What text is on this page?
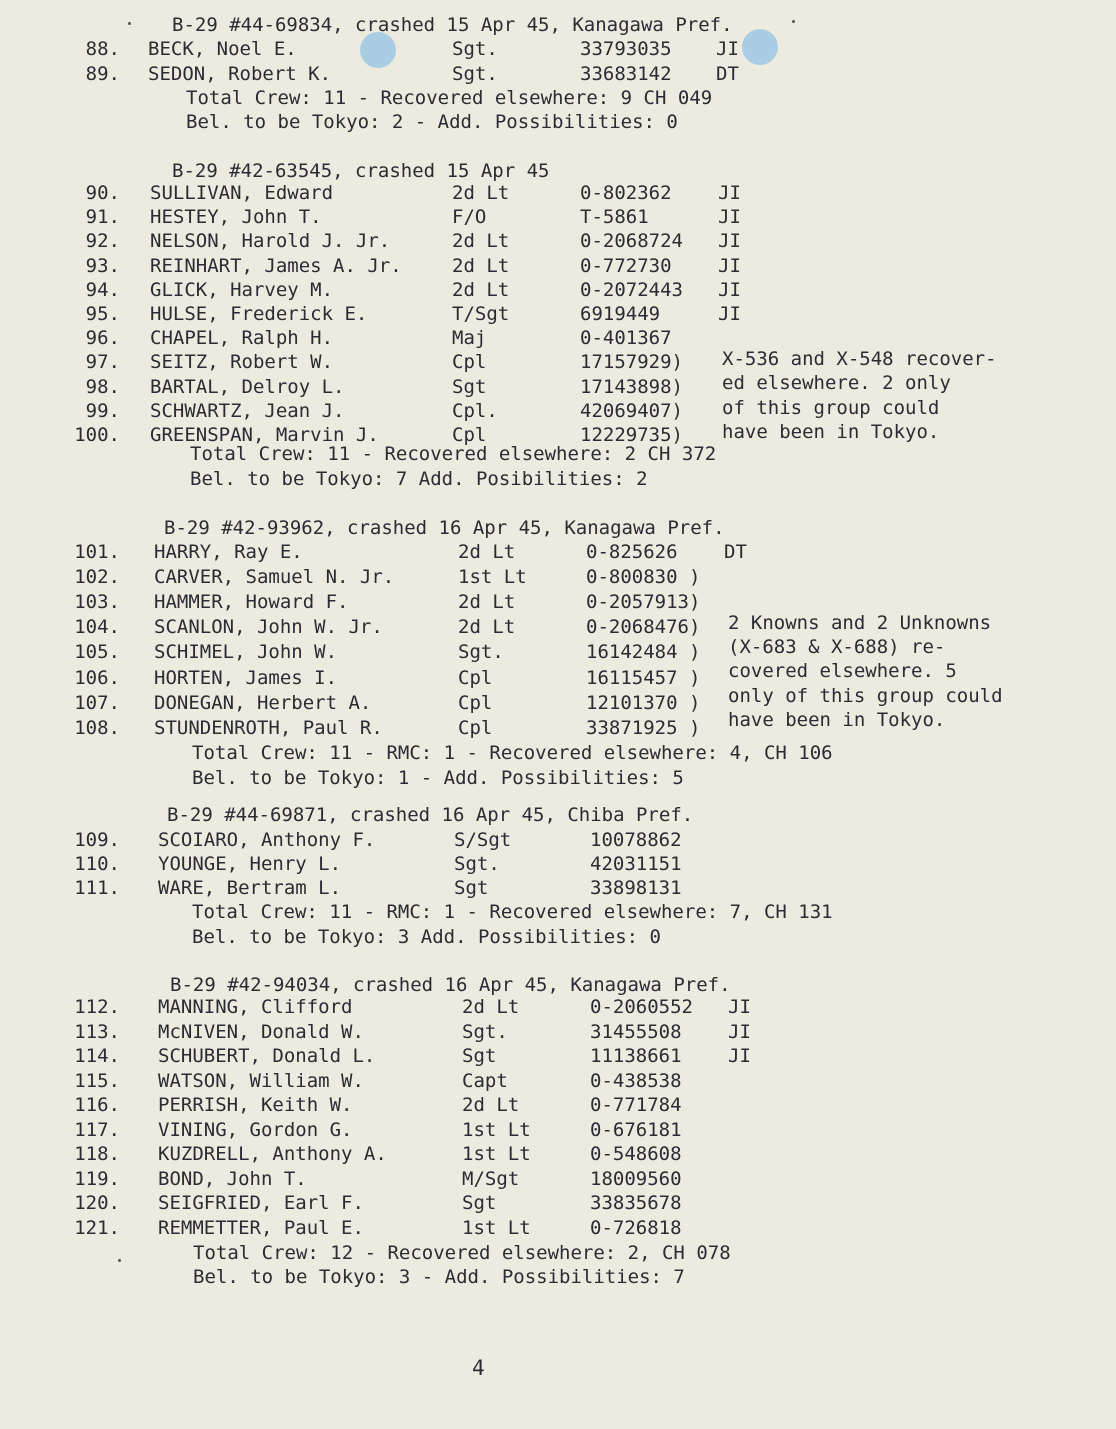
B-29 #44-69834, crashed 15 Apr 45, Kanagawa Pref.
88. BECK, Noel E.	Sgt.	33793035 JI
89. SEDON, Robert K.	Sgt.	33683142 DT
Total Crew: 11 - Recovered elsewhere: 9 CH 049
Bel. to be Tokyo: 2 - Add. Possibilities: 0
B-29 #42-63545, crashed 15 Apr 45
90. SULLIVAN, Edward	2d Lt	0-802362 JI
91. HESTEY, John T.	F/O	T-5861	JI
92. NELSON, Harold J. Jr.	2d Lt	0-2068724 JI
93. REINHART, James A. Jr.	2d Lt	0-772730 JI
94. GLICK, Harvey M.	2d Lt	0-2072443 JI
95. HULSE, Frederick E.	T/Sgt	6919449	JI
96. CHAPEL, Ralph H.	Maj	0-401367
97. SEITZ, Robert W.	Cpl	17157929)
98. BARTAL, Delroy L.	Sgt	17143898)
99. SCHWARTZ, Jean J.	Cpl.	42069407)
100. GREENSPAN, Marvin J.	Cpl	12229735)
Total Crew: 11 - Recovered elsewhere: 2 CH 372
Bel. to be Tokyo: 7 Add. Posibilities: 2
X-536 and X-548 recover-
ed elsewhere. 2 only
of this group could
have been in Tokyo.
B-29 #42-93962, crashed 16 Apr 45, Kanagawa Pref.
101. HARRY, Ray E.	2d Lt	0-825626 DT
102. CARVER, Samuel N. Jr.	1st Lt	0-800830 )
103. HAMMER, Howard F.	2d Lt	0-2057913)
104. SCANLON, John W. Jr.	2d Lt	0-2068476)
105. SCHIMEL, John W.	Sgt.	16142484 )
106. HORTEN, James I.	Cpl	16115457 )
107. DONEGAN, Herbert A.	Cpl	12101370 )
108. STUNDENROTH, Paul R.	Cpl	33871925 )
Total Crew: 11 - RMC: 1 - Recovered elsewhere: 4, CH 106
Bel. to be Tokyo: 1 - Add. Possibilities: 5
2 Knowns and 2 Unknowns
(X-683 & X-688) re-
covered elsewhere. 5
only of this group could
have been in Tokyo.
B-29 #44-69871, crashed 16 Apr 45, Chiba Pref.
109. SCOIARO, Anthony F.	S/Sgt	10078862
110. YOUNGE, Henry L.	Sgt.	42031151
111. WARE, Bertram L.	Sgt	33898131
Total Crew: 11 - RMC: 1 - Recovered elsewhere: 7, CH 131
Bel. to be Tokyo: 3 Add. Possibilities: 0
B-29 #42-94034, crashed 16 Apr 45, Kanagawa Pref.
112. MANNING, Clifford	2d Lt	0-2060552 JI
113. McNIVEN, Donald W.	Sgt.	31455508 JI
114. SCHUBERT, Donald L.	Sgt	11138661 JI
115. WATSON, William W.	Capt	0-438538
116. PERRISH, Keith W.	2d Lt	0-771784
117. VINING, Gordon G.	1st Lt	0-676181
118. KUZDRELL, Anthony A.	1st Lt	0-548608
119. BOND, John T.	M/Sgt	18009560
120. SEIGFRIED, Earl F.	Sgt	33835678
121. REMMETTER, Paul E.	1st Lt	0-726818
Total Crew: 12 - Recovered elsewhere: 2, CH 078
Bel. to be Tokyo: 3 - Add. Possibilities: 7
4
